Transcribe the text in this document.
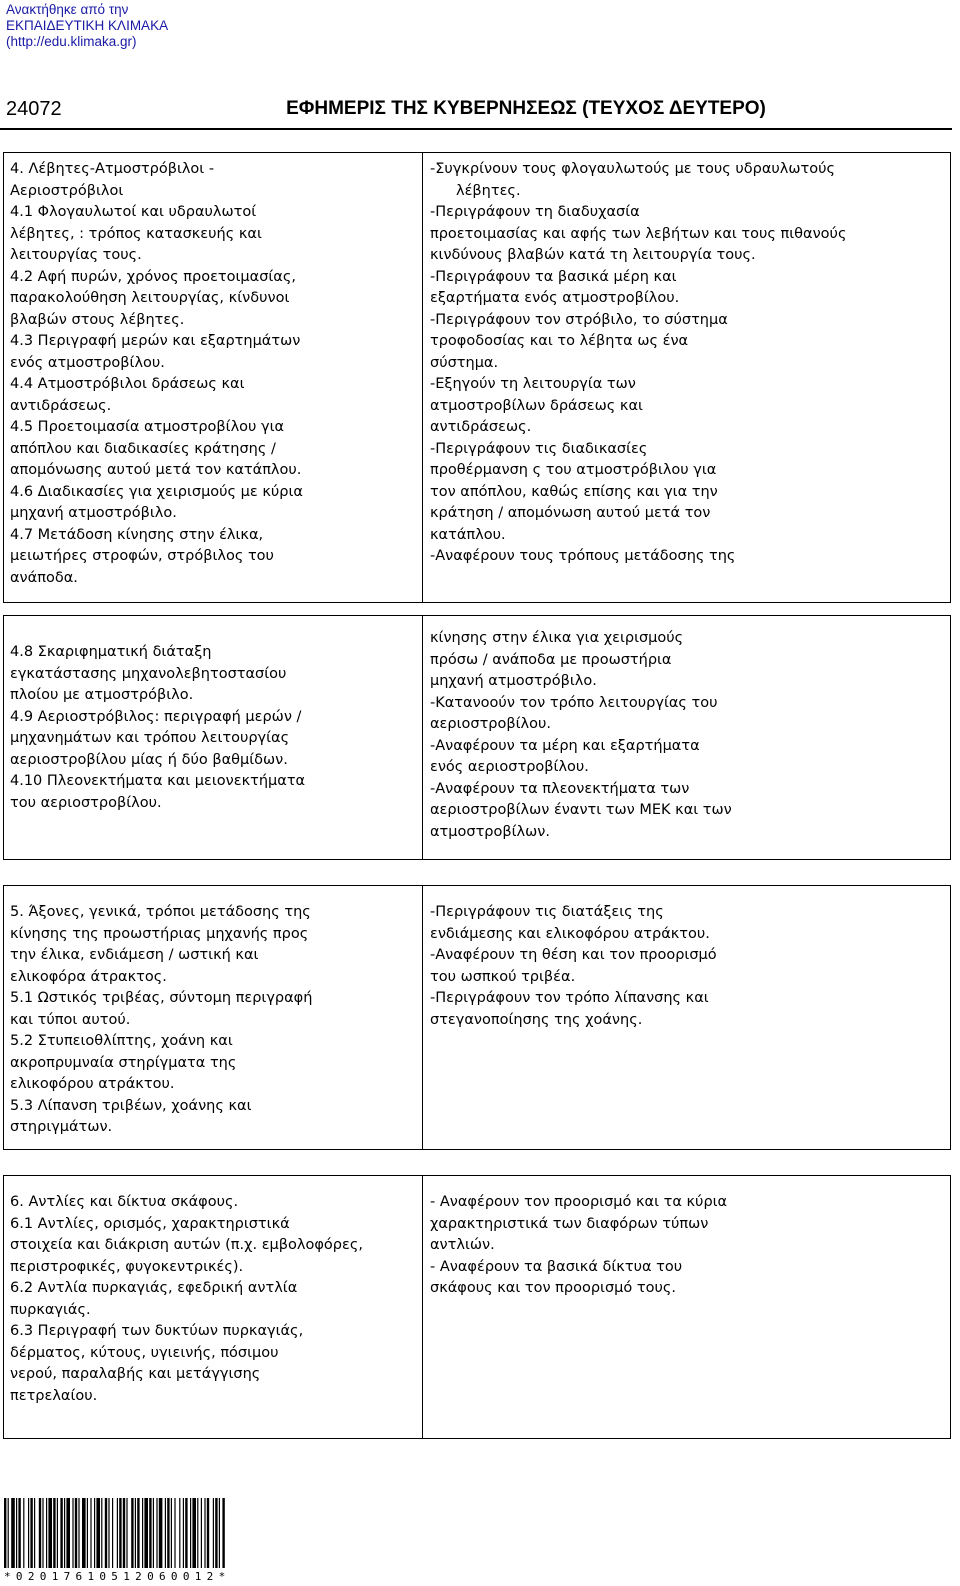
Ανακτήθηκε από την
ΕΚΠΑΙΔΕΥΤΙΚΗ ΚΛΙΜΑΚΑ
(http://edu.klimaka.gr)
24072	ΕΦΗΜΕΡΙΣ ΤΗΣ ΚΥΒΕΡΝΗΣΕΩΣ (ΤΕΥΧΟΣ ΔΕΥΤΕΡΟ)
4. Λέβητες-Ατμοστρόβιλοι -
Αεριοστρόβιλοι
4.1 Φλογαυλωτοί και υδραυλωτοί
λέβητες, : τρόπος κατασκευής και
λειτουργίας τους.
4.2 Αφή πυρών, χρόνος προετοιμασίας,
παρακολούθηση λειτουργίας, κίνδυνοι
βλαβών στους λέβητες.
4.3 Περιγραφή μερών και εξαρτημάτων
ενός ατμοστροβίλου.
4.4 Ατμοστρόβιλοι δράσεως και
αντιδράσεως.
4.5 Προετοιμασία ατμοστροβίλου για
απόπλου και διαδικασίες κράτησης /
απομόνωσης αυτού μετά τον κατάπλου.
4.6 Διαδικασίες για χειρισμούς με κύρια
μηχανή ατμοστρόβιλο.
4.7 Μετάδοση κίνησης στην έλικα,
μειωτήρες στροφών, στρόβιλος του
ανάποδα.
-Συγκρίνουν τους φλογαυλωτούς με τους υδραυλωτούς
λέβητες.
-Περιγράφουν τη διαδυχασία
προετοιμασίας και αφής των λεβήτων και τους πιθανούς
κινδύνους βλαβών κατά τη λειτουργία τους.
-Περιγράφουν τα βασικά μέρη και
εξαρτήματα ενός ατμοστροβίλου.
-Περιγράφουν τον στρόβιλο, το σύστημα
τροφοδοσίας και το λέβητα ως ένα
σύστημα.
-Εξηγούν τη λειτουργία των
ατμοστροβίλων δράσεως και
αντιδράσεως.
-Περιγράφουν τις διαδικασίες
προθέρμανση ς του ατμοστρόβιλου για
τον απόπλου, καθώς επίσης και για την
κράτηση / απομόνωση αυτού μετά τον
κατάπλου.
-Αναφέρουν τους τρόπους μετάδοσης της
4.8 Σκαριφηματική διάταξη
εγκατάστασης μηχανολεβητοστασίου
πλοίου με ατμοστρόβιλο.
4.9 Αεριοστρόβιλος: περιγραφή μερών /
μηχανημάτων και τρόπου λειτουργίας
αεριοστροβίλου μίας ή δύο βαθμίδων.
4.10 Πλεονεκτήματα και μειονεκτήματα
του αεριοστροβίλου.
κίνησης στην έλικα για χειρισμούς
πρόσω / ανάποδα με προωστήρια
μηχανή ατμοστρόβιλο.
-Κατανοούν τον τρόπο λειτουργίας του
αεριοστροβίλου.
-Αναφέρουν τα μέρη και εξαρτήματα
ενός αεριοστροβίλου.
-Αναφέρουν τα πλεονεκτήματα των
αεριοστροβίλων έναντι των ΜΕΚ και των
ατμοστροβίλων.
5. Άξονες, γενικά, τρόποι μετάδοσης της
κίνησης της προωστήριας μηχανής προς
την έλικα, ενδιάμεση / ωστική και
ελικοφόρα άτρακτος.
5.1 Ωστικός τριβέας, σύντομη περιγραφή
και τύποι αυτού.
5.2 Στυπειοθλίπτης, χοάνη και
ακροπρυμναία στηρίγματα της
ελικοφόρου ατράκτου.
5.3 Λίπανση τριβέων, χοάνης και
στηριγμάτων.
-Περιγράφουν τις διατάξεις της
ενδιάμεσης και ελικοφόρου ατράκτου.
-Αναφέρουν τη θέση και τον προορισμό
του ωσπκού τριβέα.
-Περιγράφουν τον τρόπο λίπανσης και
στεγανοποίησης της χοάνης.
6. Αντλίες και δίκτυα σκάφους.
6.1 Αντλίες, ορισμός, χαρακτηριστικά
στοιχεία και διάκριση αυτών (π.χ. εμβολοφόρες,
περιστροφικές, φυγοκεντρικές).
6.2 Αντλία πυρκαγιάς, εφεδρική αντλία
πυρκαγιάς.
6.3 Περιγραφή των δυκτύων πυρκαγιάς,
δέρματος, κύτους, υγιεινής, πόσιμου
νερού, παραλαβής και μετάγγισης
πετρελαίου.
- Αναφέρουν τον προορισμό και τα κύρια
χαρακτηριστικά των διαφόρων τύπων
αντλιών.
- Αναφέρουν τα βασικά δίκτυα του
σκάφους και τον προορισμό τους.
*02017610512060012*
